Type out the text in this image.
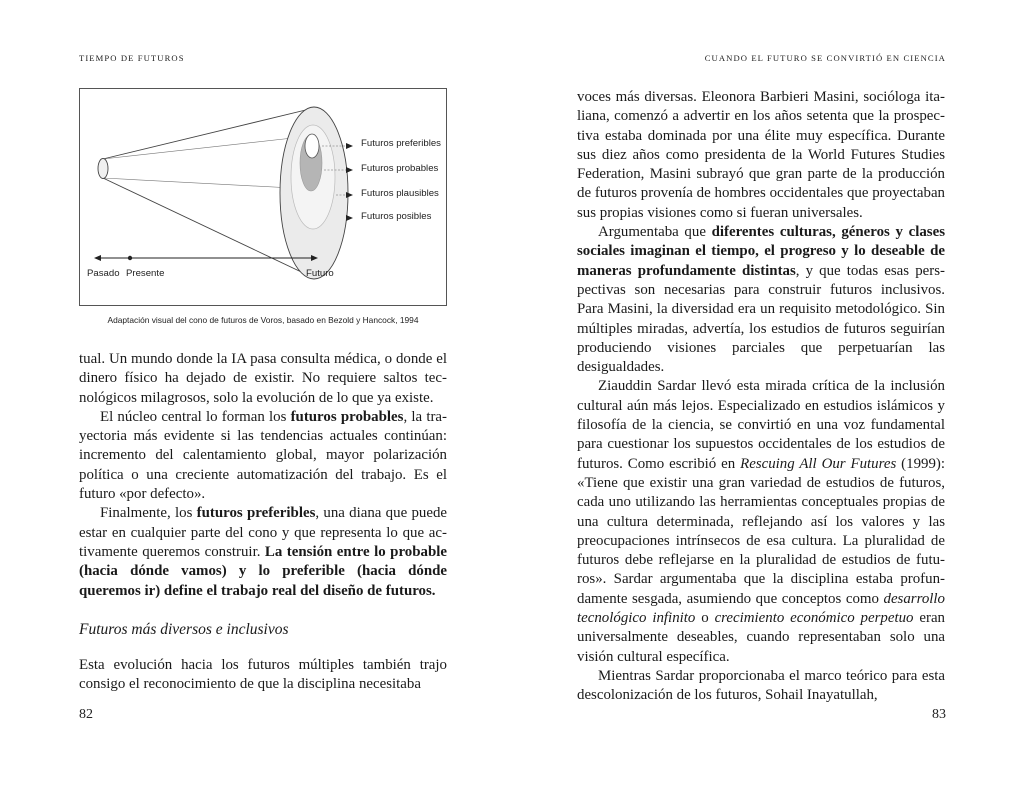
TIEMPO DE FUTUROS
Futuros preferibles
Futuros probables
Futuros plausibles
Futuros posibles
Pasado Presente	Futuro
Adaptación visual del cono de futuros de Voros, basado en Bezold y Hancock, 1994

tual. Un mundo donde la IA pasa consulta médica, o donde el dinero físico ha dejado de existir. No requiere saltos tecnológicos milagrosos, solo la evolución de lo que ya existe.

El núcleo central lo forman los futuros probables, la trayectoria más evidente si las tendencias actuales continúan: incremento del calentamiento global, mayor polarización política o una creciente automatización del trabajo. Es el futuro «por defecto».

Finalmente, los futuros preferibles, una diana que puede estar en cualquier parte del cono y que representa lo que activamente queremos construir. La tensión entre lo probable (hacia dónde vamos) y lo preferible (hacia dónde queremos ir) define el trabajo real del diseño de futuros.

Futuros más diversos e inclusivos

Esta evolución hacia los futuros múltiples también trajo consigo el reconocimiento de que la disciplina necesitaba

82
CUANDO EL FUTURO SE CONVIRTIÓ EN CIENCIA

voces más diversas. Eleonora Barbieri Masini, socióloga italiana, comenzó a advertir en los años setenta que la prospectiva estaba dominada por una élite muy específica. Durante sus diez años como presidenta de la World Futures Studies Federation, Masini subrayó que gran parte de la producción de futuros provenía de hombres occidentales que proyectaban sus propias visiones como si fueran universales.

Argumentaba que diferentes culturas, géneros y clases sociales imaginan el tiempo, el progreso y lo deseable de maneras profundamente distintas, y que todas esas perspectivas son necesarias para construir futuros inclusivos. Para Masini, la diversidad era un requisito metodológico. Sin múltiples miradas, advertía, los estudios de futuros seguirían produciendo visiones parciales que perpetuarían las desigualdades.

Ziauddin Sardar llevó esta mirada crítica de la inclusión cultural aún más lejos. Especializado en estudios islámicos y filosofía de la ciencia, se convirtió en una voz fundamental para cuestionar los supuestos occidentales de los estudios de futuros. Como escribió en Rescuing All Our Futures (1999): «Tiene que existir una gran variedad de estudios de futuros, cada uno utilizando las herramientas conceptuales propias de una cultura determinada, reflejando así los valores y las preocupaciones intrínsecos de esa cultura. La pluralidad de futuros debe reflejarse en la pluralidad de estudios de futuros». Sardar argumentaba que la disciplina estaba profundamente sesgada, asumiendo que conceptos como desarrollo tecnológico infinito o crecimiento económico perpetuo eran universalmente deseables, cuando representaban solo una visión cultural específica.

Mientras Sardar proporcionaba el marco teórico para esta descolonización de los futuros, Sohail Inayatullah,

83
